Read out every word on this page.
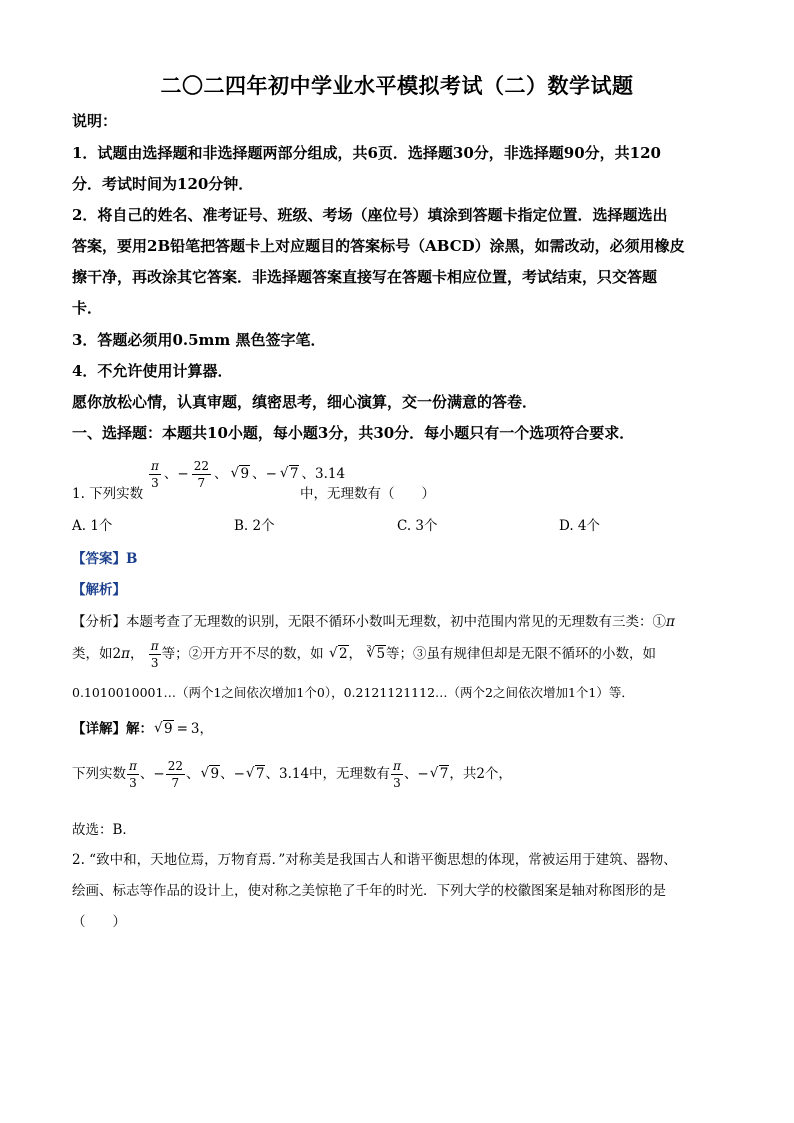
二〇二四年初中学业水平模拟考试（二）数学试题
说明：
1．试题由选择题和非选择题两部分组成，共6页．选择题30分，非选择题90分，共120
分．考试时间为120分钟．
2．将自己的姓名、准考证号、班级、考场（座位号）填涂到答题卡指定位置．选择题选出
答案，要用2B铅笔把答题卡上对应题目的答案标号（ABCD）涂黑，如需改动，必须用橡皮
擦干净，再改涂其它答案．非选择题答案直接写在答题卡相应位置，考试结束，只交答题
卡．
3．答题必须用0.5mm 黑色签字笔．
4．不允许使用计算器．
愿你放松心情，认真审题，缜密思考，细心演算，交一份满意的答卷．
一、选择题：本题共10小题，每小题3分，共30分．每小题只有一个选项符合要求．
1. 下列实数
$\frac{\pi}{3}$ 、− $\frac{22}{7}$ 、 √ 9 、− √ 7 、3.14
中，无理数有（　　）
A. 1个	B. 2个	C. 3个	D. 4个
【答案】B
【解析】
【分析】本题考查了无理数的识别，无限不循环小数叫无理数，初中范围内常见的无理数有三类：①π
类，如2π， $\frac{\pi}{3}$ 等；②开方开不尽的数，如 √ 2， $^3$ √ 5等；③虽有规律但却是无限不循环的小数，如
0.1010010001…（两个1之间依次增加1个0），0.2121121112…（两个2之间依次增加1个1）等．
【详解】解： √ 9 = 3，
下列实数 $\frac{\pi}{3}$ 、− $\frac{22}{7}$ 、 √ 9、− √ 7、3.14中，无理数有 $\frac{\pi}{3}$ 、− √ 7，共2个，
故选：B．
2. “致中和，天地位焉，万物育焉．”对称美是我国古人和谐平衡思想的体现，常被运用于建筑、器物、
绘画、标志等作品的设计上，使对称之美惊艳了千年的时光．下列大学的校徽图案是轴对称图形的是
（　　）
